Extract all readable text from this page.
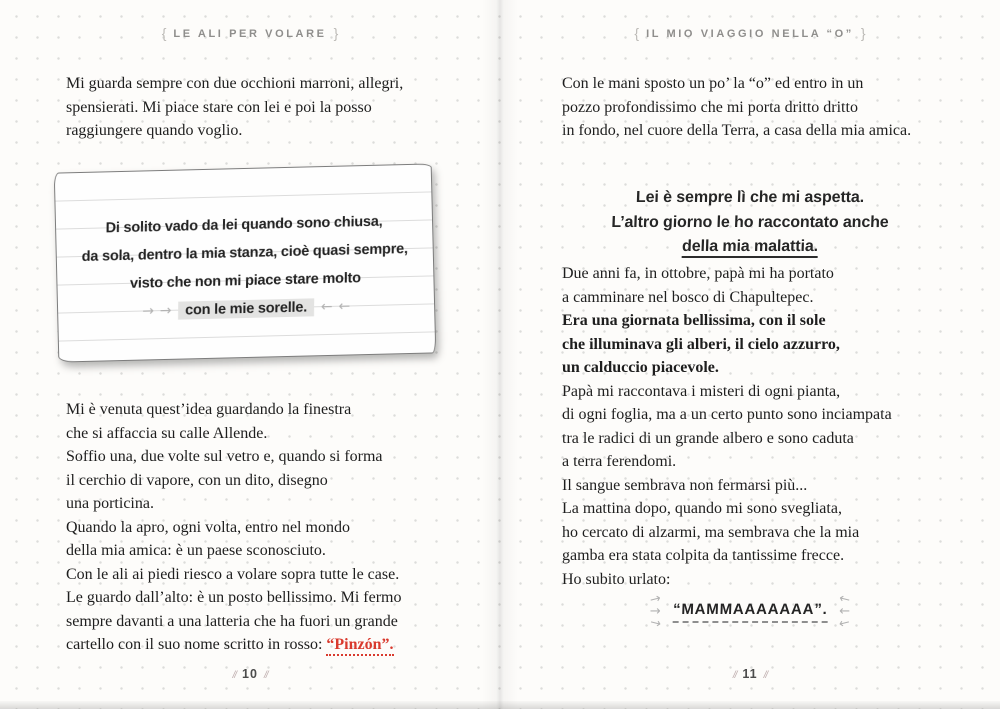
{ LE ALI PER VOLARE }
Mi guarda sempre con due occhioni marroni, allegri,
spensierati. Mi piace stare con lei e poi la posso
raggiungere quando voglio.
Di solito vado da lei quando sono chiusa,
da sola, dentro la mia stanza, cioè quasi sempre,
visto che non mi piace stare molto
→ → con le mie sorelle. ← ←
Mi è venuta quest’idea guardando la finestra
che si affaccia su calle Allende.
Soffio una, due volte sul vetro e, quando si forma
il cerchio di vapore, con un dito, disegno
una porticina.
Quando la apro, ogni volta, entro nel mondo
della mia amica: è un paese sconosciuto.
Con le ali ai piedi riesco a volare sopra tutte le case.
Le guardo dall’alto: è un posto bellissimo. Mi fermo
sempre davanti a una latteria che ha fuori un grande
cartello con il suo nome scritto in rosso: “Pinzón”.
// 10 //
{ IL MIO VIAGGIO NELLA “O” }
Con le mani sposto un po’ la “o” ed entro in un
pozzo profondissimo che mi porta dritto dritto
in fondo, nel cuore della Terra, a casa della mia amica.
Lei è sempre lì che mi aspetta.
L’altro giorno le ho raccontato anche
della mia malattia.
Due anni fa, in ottobre, papà mi ha portato
a camminare nel bosco di Chapultepec.
Era una giornata bellissima, con il sole
che illuminava gli alberi, il cielo azzurro,
un calduccio piacevole.
Papà mi raccontava i misteri di ogni pianta,
di ogni foglia, ma a un certo punto sono inciampata
tra le radici di un grande albero e sono caduta
a terra ferendomi.
Il sangue sembrava non fermarsi più...
La mattina dopo, quando mi sono svegliata,
ho cercato di alzarmi, ma sembrava che la mia
gamba era stata colpita da tantissime frecce.
Ho subito urlato:
→
→
→
“MAMMAAAAAAA”.
←
←
←
// 11 //
